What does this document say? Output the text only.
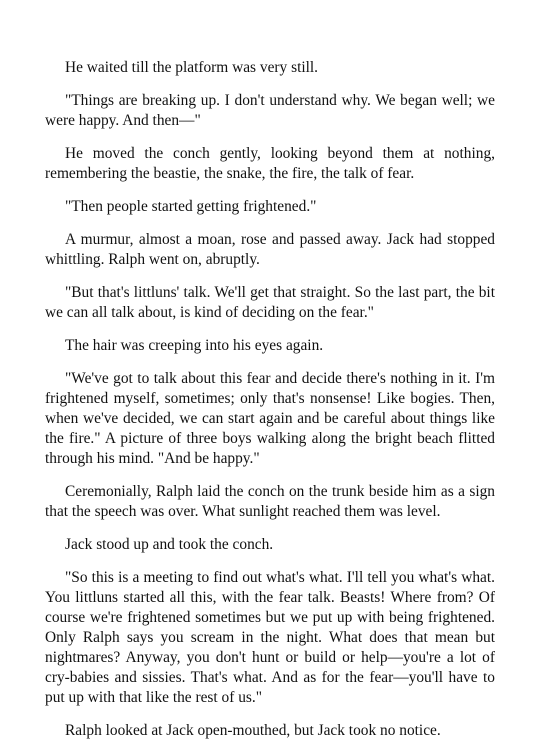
He waited till the platform was very still.

"Things are breaking up. I don't understand why. We began well; we were happy. And then—"

He moved the conch gently, looking beyond them at nothing, remembering the beastie, the snake, the fire, the talk of fear.

"Then people started getting frightened."

A murmur, almost a moan, rose and passed away. Jack had stopped whittling. Ralph went on, abruptly.

"But that's littluns' talk. We'll get that straight. So the last part, the bit we can all talk about, is kind of deciding on the fear."

The hair was creeping into his eyes again.

"We've got to talk about this fear and decide there's nothing in it. I'm frightened myself, sometimes; only that's nonsense! Like bogies. Then, when we've decided, we can start again and be careful about things like the fire." A picture of three boys walking along the bright beach flitted through his mind. "And be happy."

Ceremonially, Ralph laid the conch on the trunk beside him as a sign that the speech was over. What sunlight reached them was level.

Jack stood up and took the conch.

"So this is a meeting to find out what's what. I'll tell you what's what. You littluns started all this, with the fear talk. Beasts! Where from? Of course we're frightened sometimes but we put up with being frightened. Only Ralph says you scream in the night. What does that mean but nightmares? Anyway, you don't hunt or build or help—you're a lot of cry-babies and sissies. That's what. And as for the fear—you'll have to put up with that like the rest of us."

Ralph looked at Jack open-mouthed, but Jack took no notice.
